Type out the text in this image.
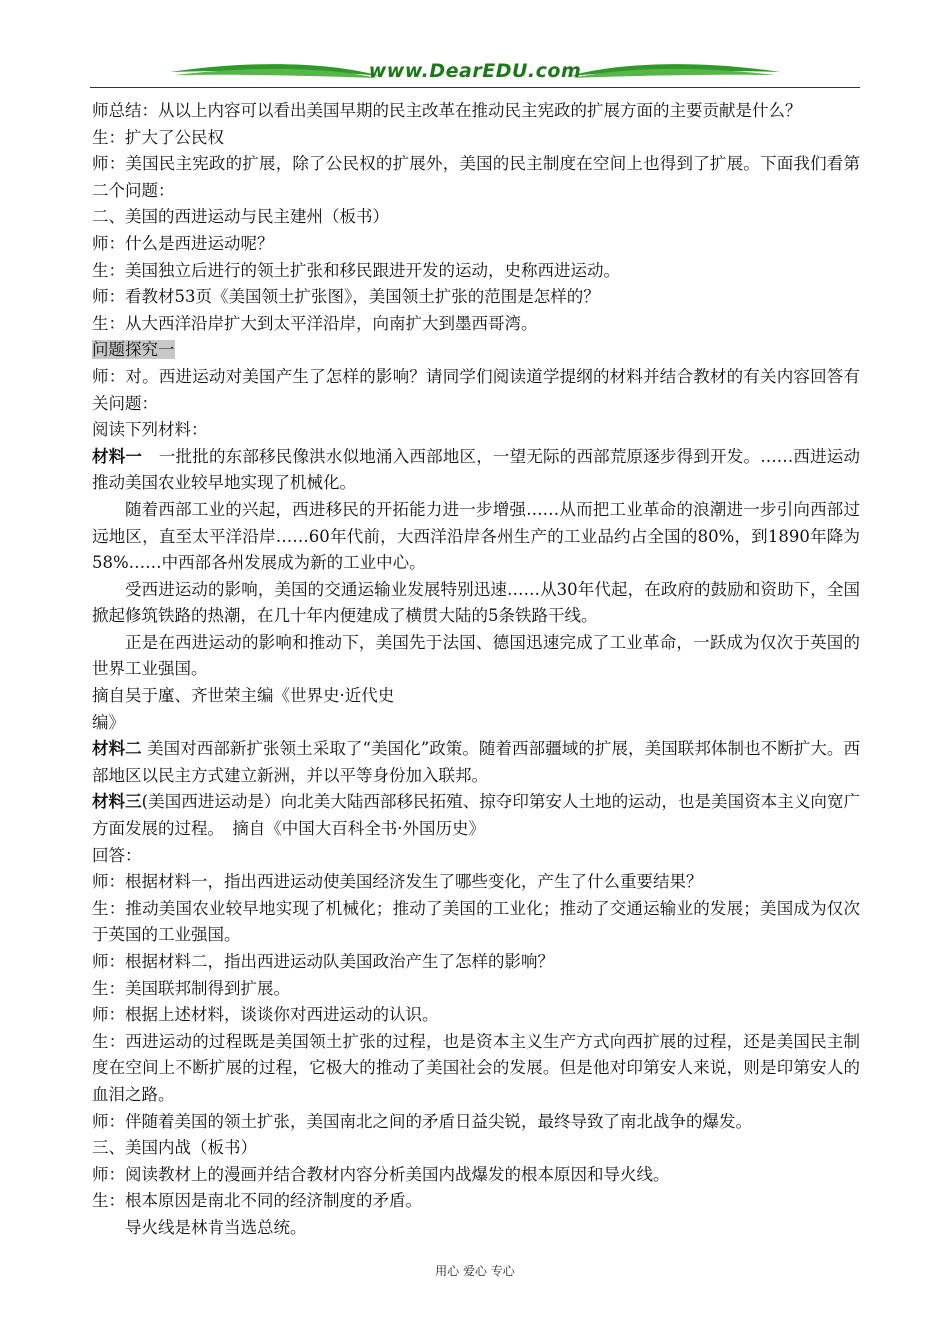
www.DearEDU.com

师总结：从以上内容可以看出美国早期的民主改革在推动民主宪政的扩展方面的主要贡献是什么？

生：扩大了公民权

师：美国民主宪政的扩展，除了公民权的扩展外，美国的民主制度在空间上也得到了扩展。下面我们看第二个问题：

二、美国的西进运动与民主建州（板书）

师：什么是西进运动呢？

生：美国独立后进行的领土扩张和移民跟进开发的运动，史称西进运动。

师：看教材53页《美国领土扩张图》，美国领土扩张的范围是怎样的？

生：从大西洋沿岸扩大到太平洋沿岸，向南扩大到墨西哥湾。

问题探究一

师：对。西进运动对美国产生了怎样的影响？请同学们阅读道学提纲的材料并结合教材的有关内容回答有关问题：

阅读下列材料：

材料一　一批批的东部移民像洪水似地涌入西部地区，一望无际的西部荒原逐步得到开发。……西进运动推动美国农业较早地实现了机械化。

随着西部工业的兴起，西进移民的开拓能力进一步增强……从而把工业革命的浪潮进一步引向西部过远地区，直至太平洋沿岸……60年代前，大西洋沿岸各州生产的工业品约占全国的80%，到1890年降为58%……中西部各州发展成为新的工业中心。

受西进运动的影响，美国的交通运输业发展特别迅速……从30年代起，在政府的鼓励和资助下，全国掀起修筑铁路的热潮，在几十年内便建成了横贯大陆的5条铁路干线。

正是在西进运动的影响和推动下，美国先于法国、德国迅速完成了工业革命，一跃成为仅次于英国的世界工业强国。

摘自吴于廑、齐世荣主编《世界史·近代史

编》

材料二 美国对西部新扩张领土采取了“美国化”政策。随着西部疆域的扩展，美国联邦体制也不断扩大。西部地区以民主方式建立新洲，并以平等身份加入联邦。

材料三(美国西进运动是）向北美大陆西部移民拓殖、掠夺印第安人土地的运动，也是美国资本主义向宽广方面发展的过程。　摘自《中国大百科全书·外国历史》

回答：

师：根据材料一，指出西进运动使美国经济发生了哪些变化，产生了什么重要结果？

生：推动美国农业较早地实现了机械化；推动了美国的工业化；推动了交通运输业的发展；美国成为仅次于英国的工业强国。

师：根据材料二，指出西进运动队美国政治产生了怎样的影响？

生：美国联邦制得到扩展。

师：根据上述材料，谈谈你对西进运动的认识。

生：西进运动的过程既是美国领土扩张的过程，也是资本主义生产方式向西扩展的过程，还是美国民主制度在空间上不断扩展的过程，它极大的推动了美国社会的发展。但是他对印第安人来说，则是印第安人的血泪之路。

师：伴随着美国的领土扩张，美国南北之间的矛盾日益尖锐，最终导致了南北战争的爆发。

三、美国内战（板书）

师：阅读教材上的漫画并结合教材内容分析美国内战爆发的根本原因和导火线。

生：根本原因是南北不同的经济制度的矛盾。

导火线是林肯当选总统。

用心 爱心 专心
